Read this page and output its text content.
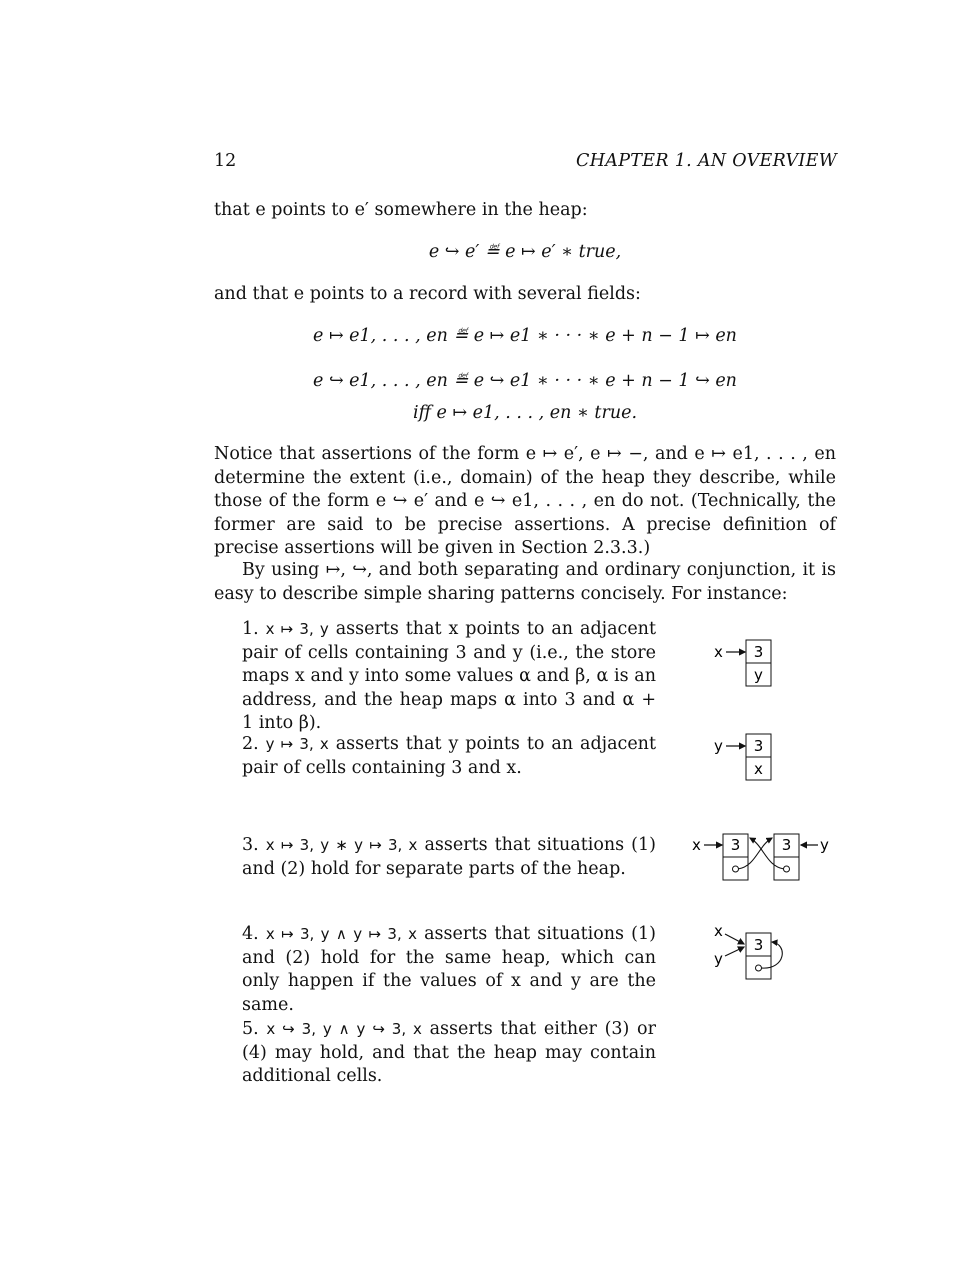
12	CHAPTER 1. AN OVERVIEW
that e points to e′ somewhere in the heap:
e ↪ e′ ≝ e ↦ e′ ∗ true,
and that e points to a record with several fields:
e ↦ e1, . . . , en ≝ e ↦ e1 ∗ · · · ∗ e + n − 1 ↦ en
e ↪ e1, . . . , en ≝ e ↪ e1 ∗ · · · ∗ e + n − 1 ↪ en
iff e ↦ e1, . . . , en ∗ true.
Notice that assertions of the form e ↦ e′, e ↦ −, and e ↦ e1, . . . , en determine the extent (i.e., domain) of the heap they describe, while those of the form e ↪ e′ and e ↪ e1, . . . , en do not. (Technically, the former are said to be precise assertions. A precise definition of precise assertions will be given in Section 2.3.3.)
By using ↦, ↪, and both separating and ordinary conjunction, it is easy to describe simple sharing patterns concisely. For instance:
1. x ↦ 3, y asserts that x points to an adjacent pair of cells containing 3 and y (i.e., the store maps x and y into some values α and β, α is an address, and the heap maps α into 3 and α + 1 into β).
2. y ↦ 3, x asserts that y points to an adjacent pair of cells containing 3 and x.
3. x ↦ 3, y ∗ y ↦ 3, x asserts that situations (1) and (2) hold for separate parts of the heap.
4. x ↦ 3, y ∧ y ↦ 3, x asserts that situations (1) and (2) hold for the same heap, which can only happen if the values of x and y are the same.
5. x ↪ 3, y ∧ y ↪ 3, x asserts that either (3) or (4) may hold, and that the heap may contain additional cells.
x 3
y
y 3
x
x 3	3 y
x
y
3
